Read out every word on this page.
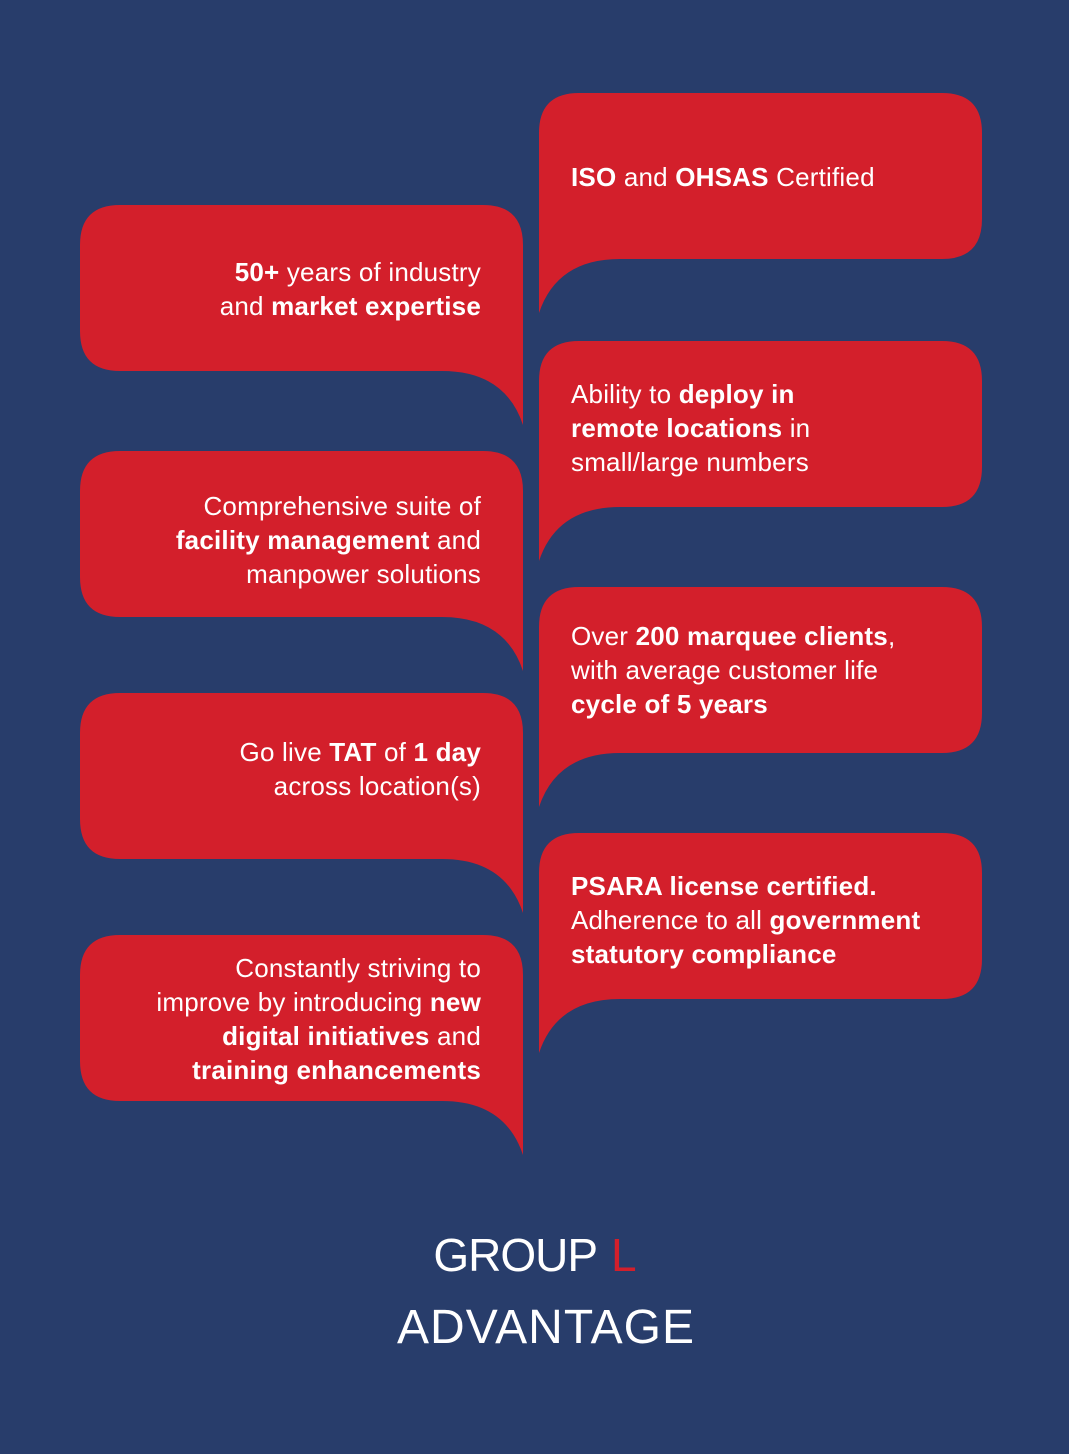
50+ years of industry
and market expertise
Comprehensive suite of
facility management and
manpower solutions
Go live TAT of 1 day
across location(s)
Constantly striving to
improve by introducing new
digital initiatives and
training enhancements
ISO and OHSAS Certified
Ability to deploy in
remote locations in
small/large numbers
Over 200 marquee clients,
with average customer life
cycle of 5 years
PSARA license certified.
Adherence to all government
statutory compliance
GROUP L
ADVANTAGE
